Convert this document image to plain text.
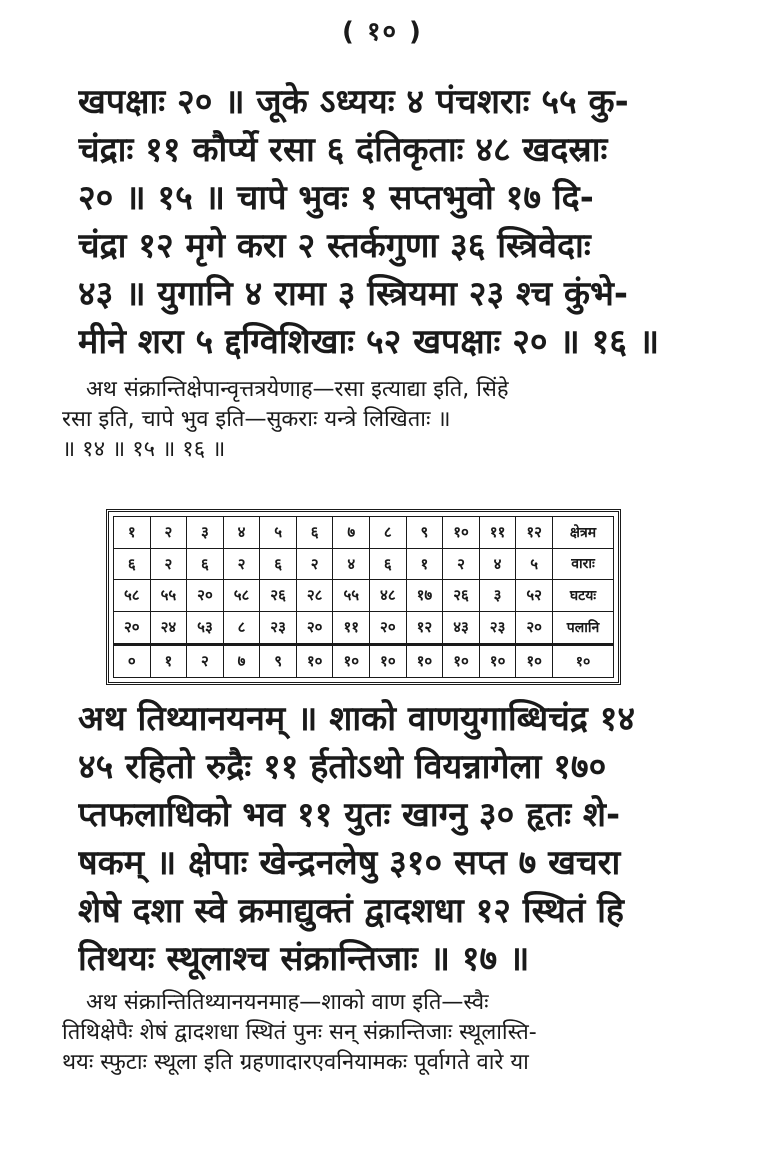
( १० )
खपक्षाः २० ॥ जूके ऽध्ययः ४ पंचशराः ५५ कु-
चंद्राः ११ कौर्प्ये रसा ६ दंतिकृताः ४८ खदस्राः
२० ॥ १५ ॥ चापे भुवः १ सप्तभुवो १७ दि-
चंद्रा १२ मृगे करा २ स्तर्कगुणा ३६ स्त्रिवेदाः
४३ ॥ युगानि ४ रामा ३ स्त्रियमा २३ श्च कुंभे-
मीने शरा ५ द्दग्विशिखाः ५२ खपक्षाः २० ॥ १६ ॥
अथ संक्रान्तिक्षेपान्वृत्तत्रयेणाह—रसा इत्याद्या इति, सिंहे
रसा इति, चापे भुव इति—सुकराः यन्त्रे लिखिताः ॥
॥ १४ ॥ १५ ॥ १६ ॥
१	२	३	४	५	६	७	८	९	१०	११	१२	क्षेत्रम
६	२	६	२	६	२	४	६	१	२	४	५	वाराः
५८	५५	२०	५८	२६	२८	५५	४८	१७	२६	३	५२	घटयः
२०	२४	५३	८	२३	२०	११	२०	१२	४३	२३	२०	पलानि
०	१	२	७	९	१०	१०	१०	१०	१०	१०	१०	१०
अथ तिथ्यानयनम् ॥ शाको वाणयुगाब्धिचंद्र १४
४५ रहितो रुद्रैः ११ र्हतोऽथो वियन्नागेला १७०
प्तफलाधिको भव ११ युतः खाग्नु ३० हृतः शे-
षकम् ॥ क्षेपाः खेन्द्रनलेषु ३१० सप्त ७ खचरा
शेषे दशा स्वे क्रमाद्युक्तं द्वादशधा १२ स्थितं हि
तिथयः स्थूलाश्च संक्रान्तिजाः ॥ १७ ॥
अथ संक्रान्तितिथ्यानयनमाह—शाको वाण इति—स्वैः
तिथिक्षेपैः शेषं द्वादशधा स्थितं पुनः सन् संक्रान्तिजाः स्थूलास्ति-
थयः स्फुटाः स्थूला इति ग्रहणादारएवनियामकः पूर्वागते वारे या
